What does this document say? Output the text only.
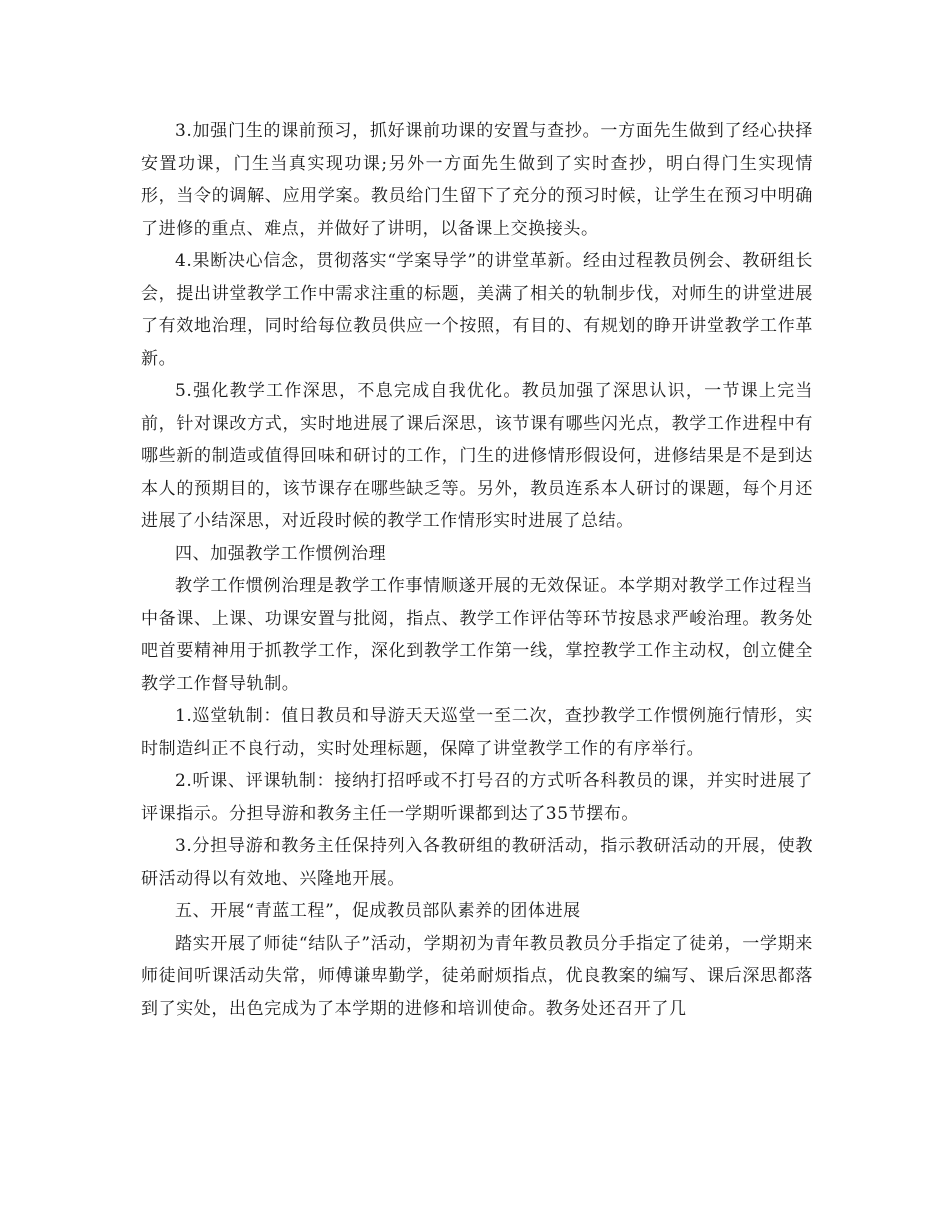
3.加强门生的课前预习，抓好课前功课的安置与查抄。一方面先生做到了经心抉择安置功课，门生当真实现功课;另外一方面先生做到了实时查抄，明白得门生实现情形，当令的调解、应用学案。教员给门生留下了充分的预习时候，让学生在预习中明确了进修的重点、难点，并做好了讲明，以备课上交换接头。

4.果断决心信念，贯彻落实“学案导学”的讲堂革新。经由过程教员例会、教研组长会，提出讲堂教学工作中需求注重的标题，美满了相关的轨制步伐，对师生的讲堂进展了有效地治理，同时给每位教员供应一个按照，有目的、有规划的睁开讲堂教学工作革新。

5.强化教学工作深思，不息完成自我优化。教员加强了深思认识，一节课上完当前，针对课改方式，实时地进展了课后深思，该节课有哪些闪光点，教学工作进程中有哪些新的制造或值得回味和研讨的工作，门生的进修情形假设何，进修结果是不是到达本人的预期目的，该节课存在哪些缺乏等。另外，教员连系本人研讨的课题，每个月还进展了小结深思，对近段时候的教学工作情形实时进展了总结。

四、加强教学工作惯例治理

教学工作惯例治理是教学工作事情顺遂开展的无效保证。本学期对教学工作过程当中备课、上课、功课安置与批阅，指点、教学工作评估等环节按恳求严峻治理。教务处吧首要精神用于抓教学工作，深化到教学工作第一线，掌控教学工作主动权，创立健全教学工作督导轨制。

1.巡堂轨制：值日教员和导游天天巡堂一至二次，查抄教学工作惯例施行情形，实时制造纠正不良行动，实时处理标题，保障了讲堂教学工作的有序举行。

2.听课、评课轨制：接纳打招呼或不打号召的方式听各科教员的课，并实时进展了评课指示。分担导游和教务主任一学期听课都到达了35节摆布。

3.分担导游和教务主任保持列入各教研组的教研活动，指示教研活动的开展，使教研活动得以有效地、兴隆地开展。

五、开展“青蓝工程”，促成教员部队素养的团体进展

踏实开展了师徒“结队子”活动，学期初为青年教员教员分手指定了徒弟，一学期来师徒间听课活动失常，师傅谦卑勤学，徒弟耐烦指点，优良教案的编写、课后深思都落到了实处，出色完成为了本学期的进修和培训使命。教务处还召开了几
